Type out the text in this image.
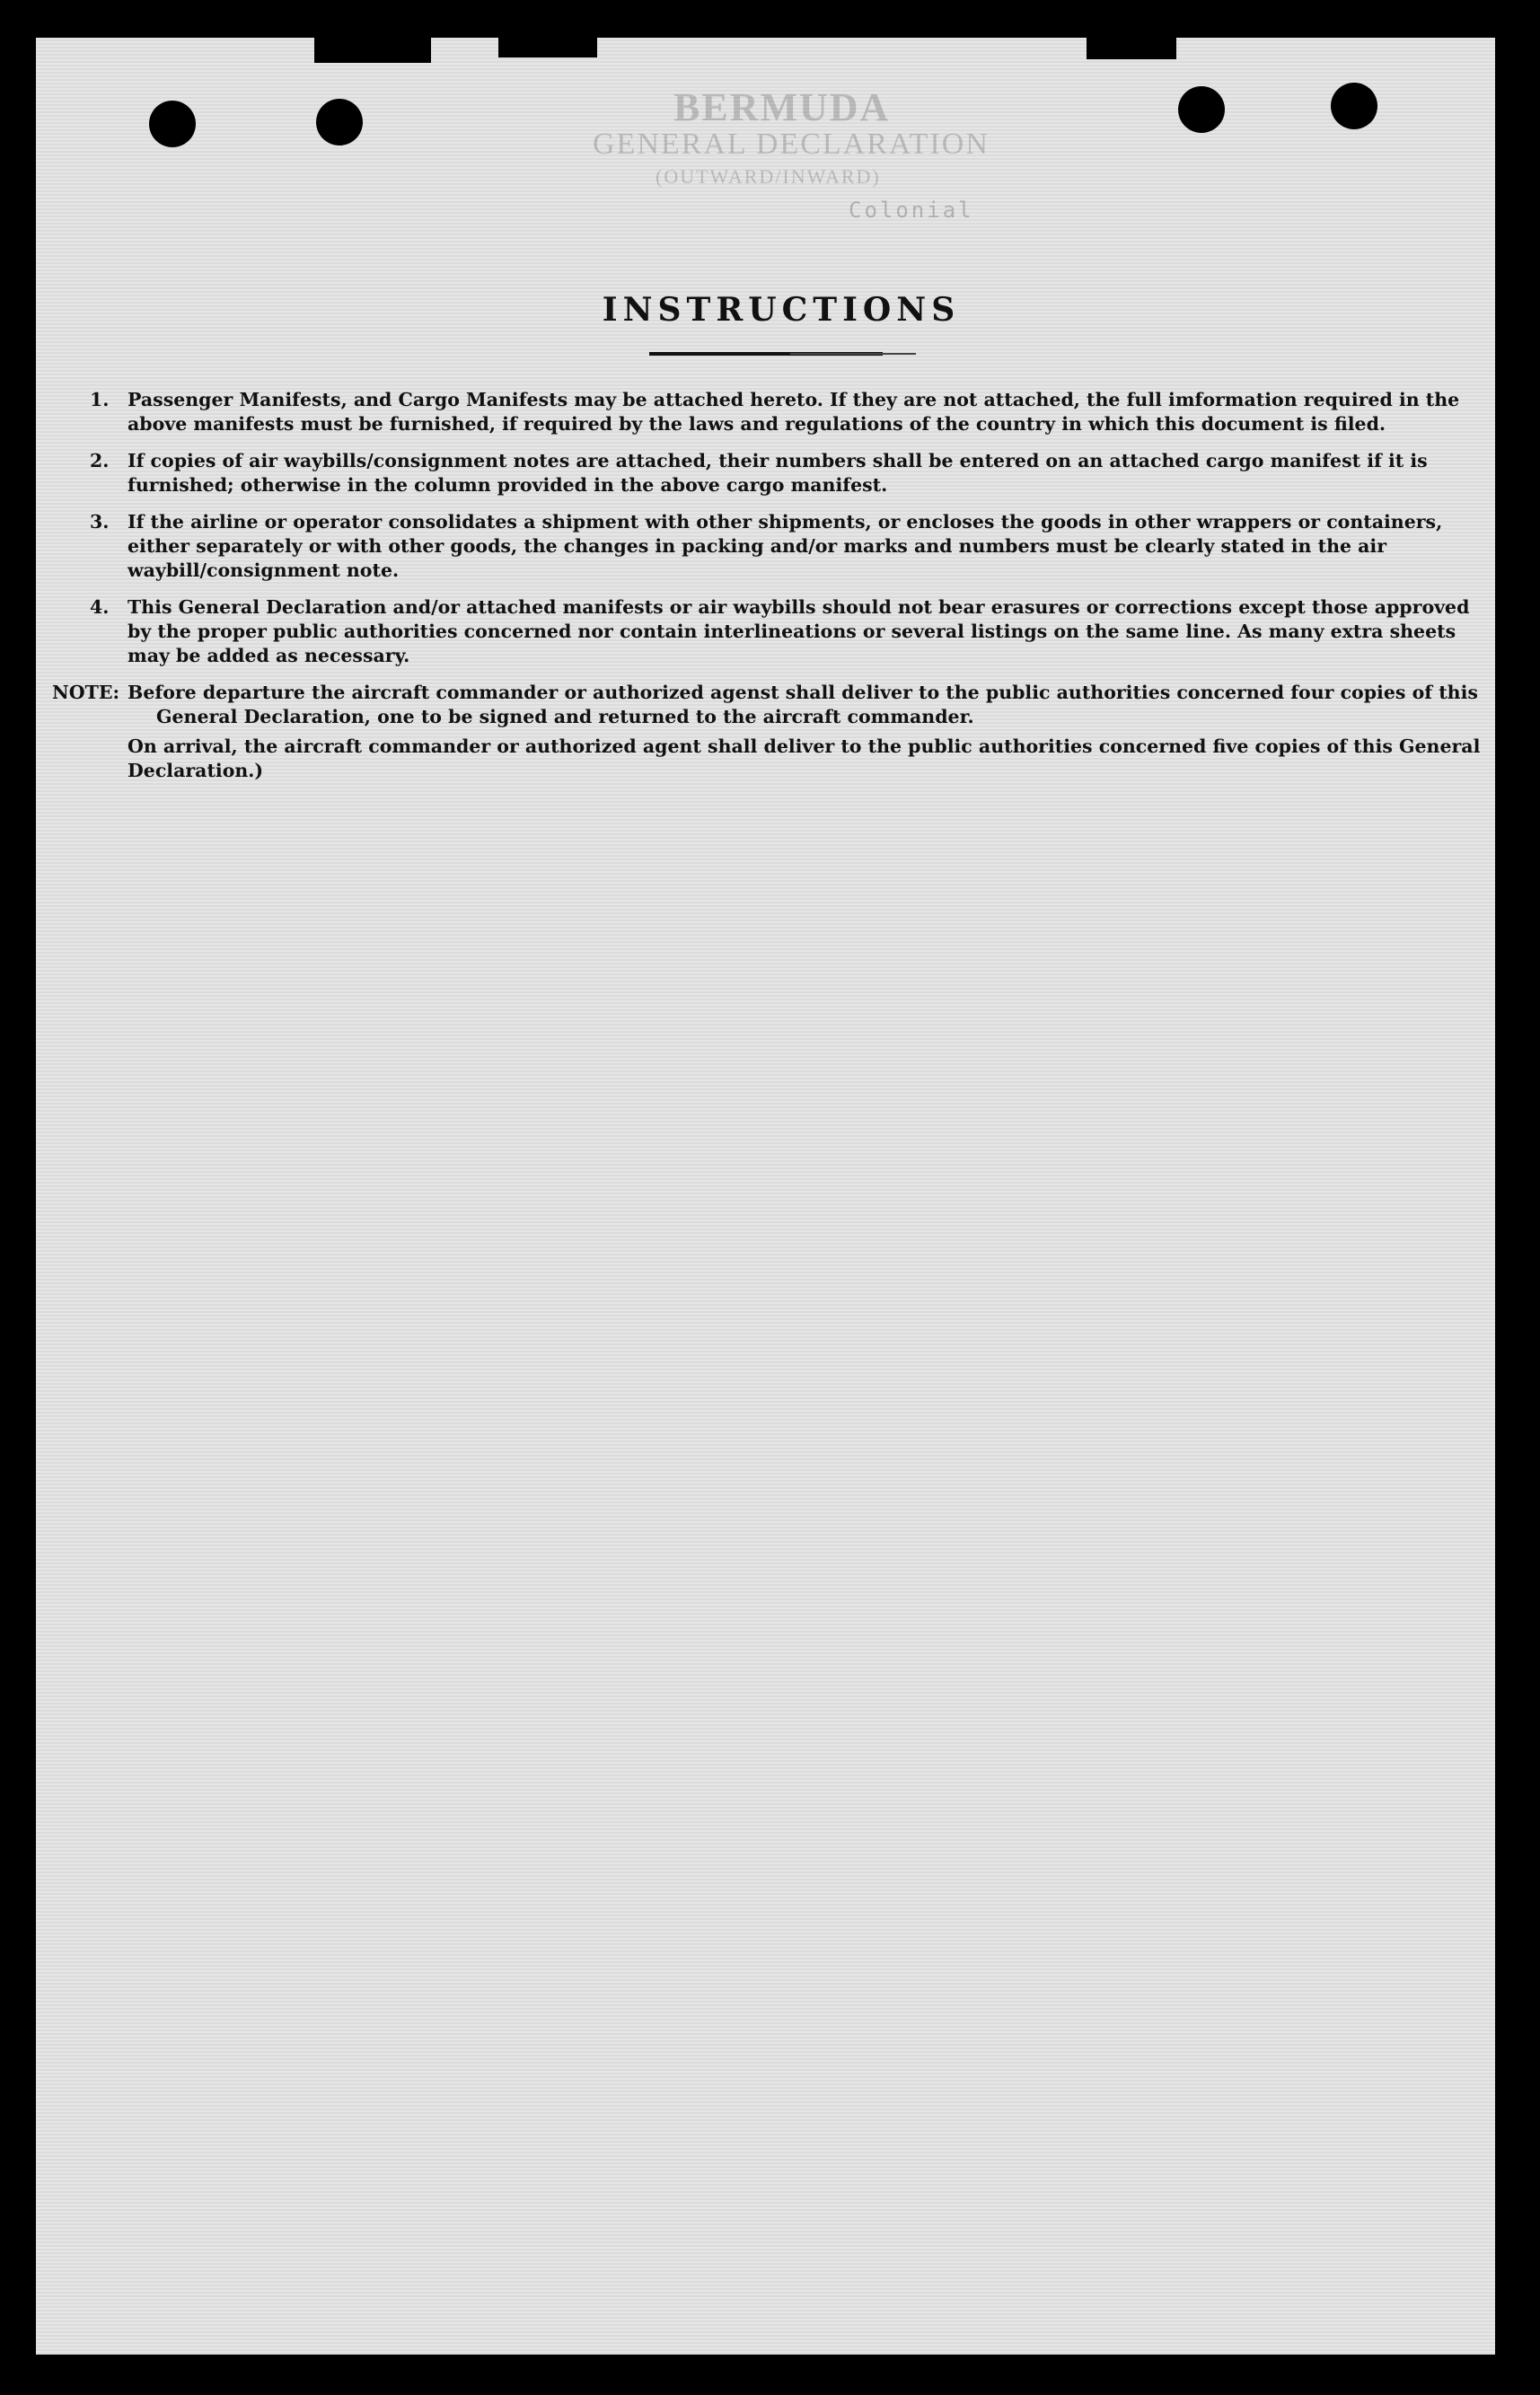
BERMUDA
GENERAL DECLARATION
(OUTWARD/INWARD)
Colonial
INSTRUCTIONS
1. Passenger Manifests, and Cargo Manifests may be attached hereto. If they are not attached, the full imformation required in the above manifests must be furnished, if required by the laws and regulations of the country in which this document is filed.
2. If copies of air waybills/consignment notes are attached, their numbers shall be entered on an attached cargo manifest if it is furnished; otherwise in the column provided in the above cargo manifest.
3. If the airline or operator consolidates a shipment with other shipments, or encloses the goods in other wrappers or containers, either separately or with other goods, the changes in packing and/or marks and numbers must be clearly stated in the air waybill/consignment note.
4. This General Declaration and/or attached manifests or air waybills should not bear erasures or corrections except those approved by the proper public authorities concerned nor contain interlineations or several listings on the same line. As many extra sheets may be added as necessary.
NOTE: Before departure the aircraft commander or authorized agenst shall deliver to the public authorities concerned four copies of this General Declaration, one to be signed and returned to the aircraft commander.

On arrival, the aircraft commander or authorized agent shall deliver to the public authorities concerned five copies of this General Declaration.)
